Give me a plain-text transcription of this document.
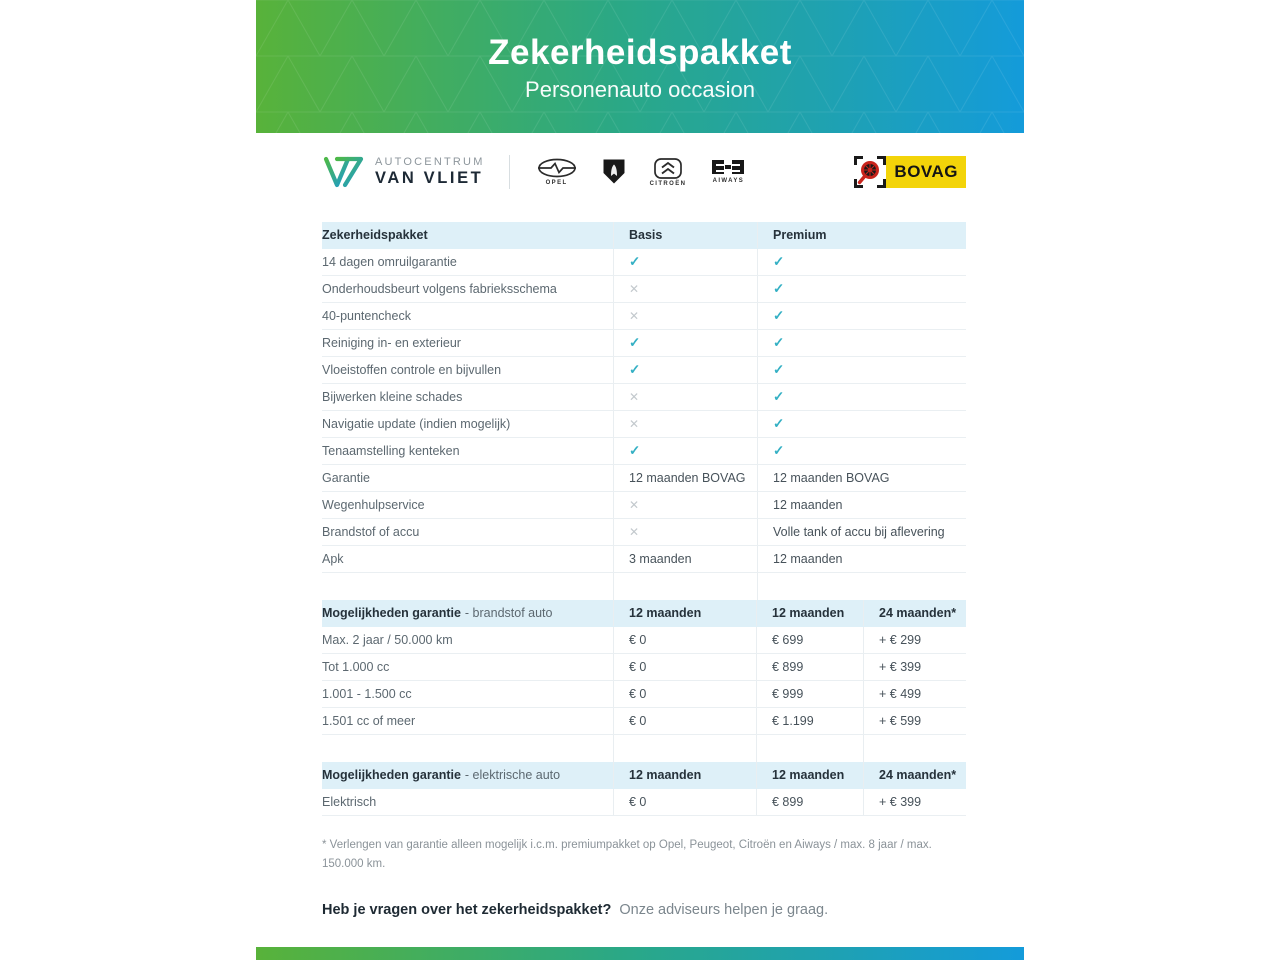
Zekerheidspakket
Personenauto occasion
AUTOCENTRUM
VAN VLIET	OPEL	CITROËN	AIWAYS	BOVAG
Zekerheidspakket	Basis	Premium
14 dagen omruilgarantie	✓	✓
Onderhoudsbeurt volgens fabrieksschema	✕	✓
40-puntencheck	✕	✓
Reiniging in- en exterieur	✓	✓
Vloeistoffen controle en bijvullen	✓	✓
Bijwerken kleine schades	✕	✓
Navigatie update (indien mogelijk)	✕	✓
Tenaamstelling kenteken	✓	✓
Garantie	12 maanden BOVAG	12 maanden BOVAG
Wegenhulpservice	✕	12 maanden
Brandstof of accu	✕	Volle tank of accu bij aflevering
Apk	3 maanden	12 maanden
Mogelijkheden garantie - brandstof auto	12 maanden	12 maanden	24 maanden*
Max. 2 jaar / 50.000 km	€ 0	€ 699	+ € 299
Tot 1.000 cc	€ 0	€ 899	+ € 399
1.001 - 1.500 cc	€ 0	€ 999	+ € 499
1.501 cc of meer	€ 0	€ 1.199	+ € 599
Mogelijkheden garantie - elektrische auto	12 maanden	12 maanden	24 maanden*
Elektrisch	€ 0	€ 899	+ € 399
* Verlengen van garantie alleen mogelijk i.c.m. premiumpakket op Opel, Peugeot, Citroën en Aiways / max. 8 jaar / max.
150.000 km.
Heb je vragen over het zekerheidspakket? Onze adviseurs helpen je graag.
